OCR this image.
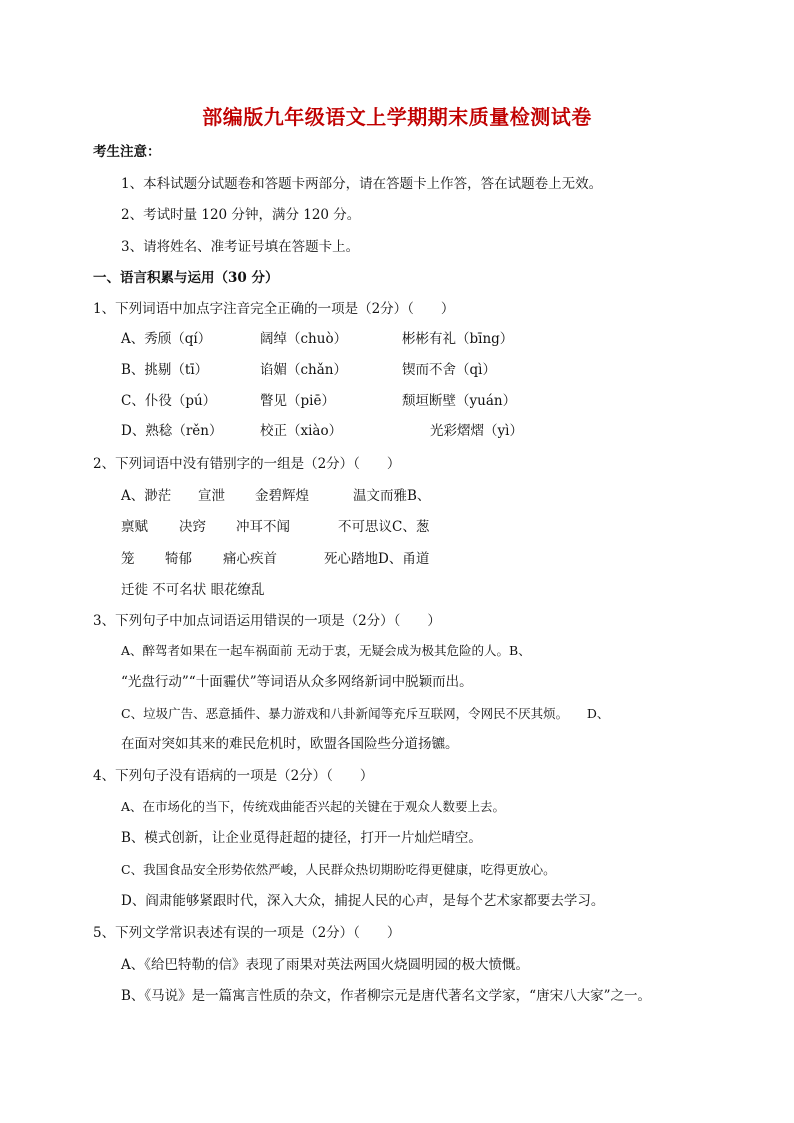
部编版九年级语文上学期期末质量检测试卷
考生注意：
1、本科试题分试题卷和答题卡两部分，请在答题卡上作答，答在试题卷上无效。
2、考试时量 120 分钟，满分 120 分。
3、请将姓名、准考证号填在答题卡上。
一、语言积累与运用（30 分）
1、下列词语中加点字注音完全正确的一项是（2分）（　　）
A、秀颀（qí）	阔绰（chuò）	彬彬有礼（bīng）
B、挑剔（tī）	谄媚（chǎn）	锲而不舍（qì）
C、仆役（pú）	瞥见（piē）	颓垣断壁（yuán）
D、熟稔（rěn）	校正（xiào）	光彩熠熠（yì）
2、下列词语中没有错别字的一组是（2分）（　　）
A、渺茫 宣泄 金碧辉煌	温文而雅B、
禀赋 决窍 冲耳不闻	不可思议C、葱
笼 犄郁 痛心疾首	死心踏地D、甬道
迁徙 不可名状 眼花缭乱
3、下列句子中加点词语运用错误的一项是（2分）（　　）
A、醉驾者如果在一起车祸面前 无动于衷，无疑会成为极其危险的人。B、
“光盘行动”“十面霾伏”等词语从众多网络新词中脱颖而出。
C、垃圾广告、恶意插件、暴力游戏和八卦新闻等充斥互联网，令网民不厌其烦。　　D、
在面对突如其来的难民危机时，欧盟各国险些分道扬镳。
4、下列句子没有语病的一项是（2分）（　　）
A、在市场化的当下，传统戏曲能否兴起的关键在于观众人数要上去。
B、模式创新，让企业觅得赶超的捷径，打开一片灿烂晴空。
C、我国食品安全形势依然严峻，人民群众热切期盼吃得更健康，吃得更放心。
D、阎肃能够紧跟时代，深入大众，捕捉人民的心声，是每个艺术家都要去学习。
5、下列文学常识表述有误的一项是（2分）（　　）
A、《给巴特勒的信》表现了雨果对英法两国火烧圆明园的极大愤慨。
B、《马说》是一篇寓言性质的杂文，作者柳宗元是唐代著名文学家，“唐宋八大家”之一。
